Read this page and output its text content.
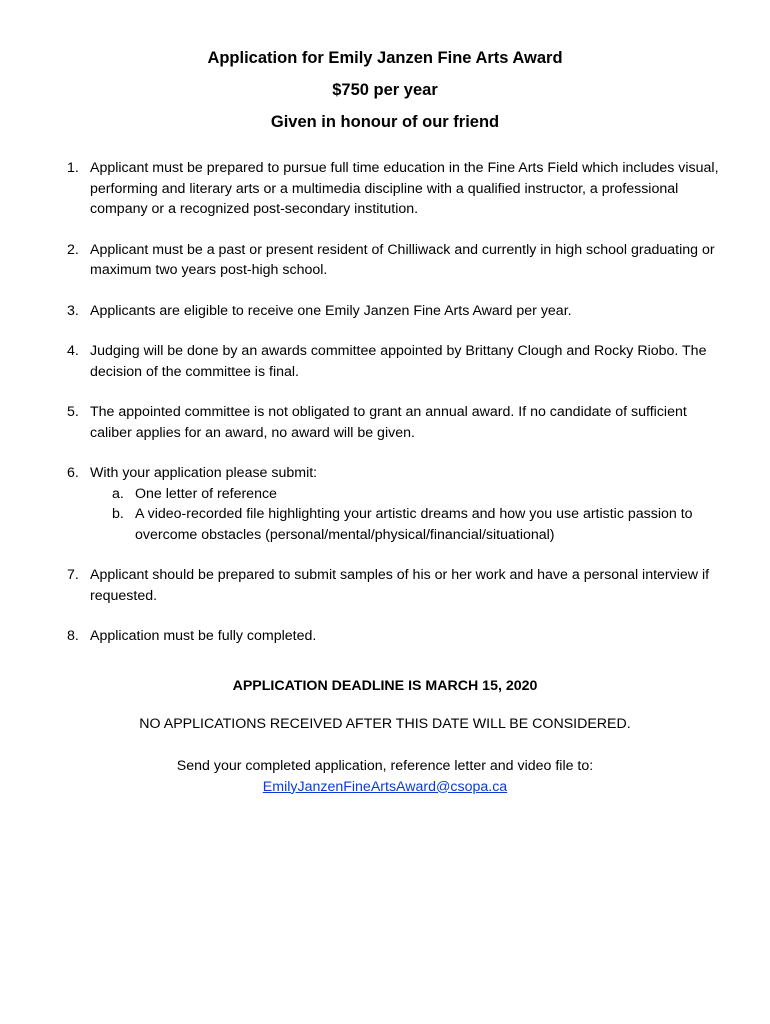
Application for Emily Janzen Fine Arts Award

$750 per year

Given in honour of our friend

1. Applicant must be prepared to pursue full time education in the Fine Arts Field which includes visual, performing and literary arts or a multimedia discipline with a qualified instructor, a professional company or a recognized post-secondary institution.
2. Applicant must be a past or present resident of Chilliwack and currently in high school graduating or maximum two years post-high school.
3. Applicants are eligible to receive one Emily Janzen Fine Arts Award per year.
4. Judging will be done by an awards committee appointed by Brittany Clough and Rocky Riobo. The decision of the committee is final.
5. The appointed committee is not obligated to grant an annual award. If no candidate of sufficient caliber applies for an award, no award will be given.
6. With your application please submit:
a. One letter of reference
b. A video-recorded file highlighting your artistic dreams and how you use artistic passion to overcome obstacles (personal/mental/physical/financial/situational)
7. Applicant should be prepared to submit samples of his or her work and have a personal interview if requested.
8. Application must be fully completed.
APPLICATION DEADLINE IS MARCH 15, 2020
NO APPLICATIONS RECEIVED AFTER THIS DATE WILL BE CONSIDERED.
Send your completed application, reference letter and video file to:
EmilyJanzenFineArtsAward@csopa.ca
